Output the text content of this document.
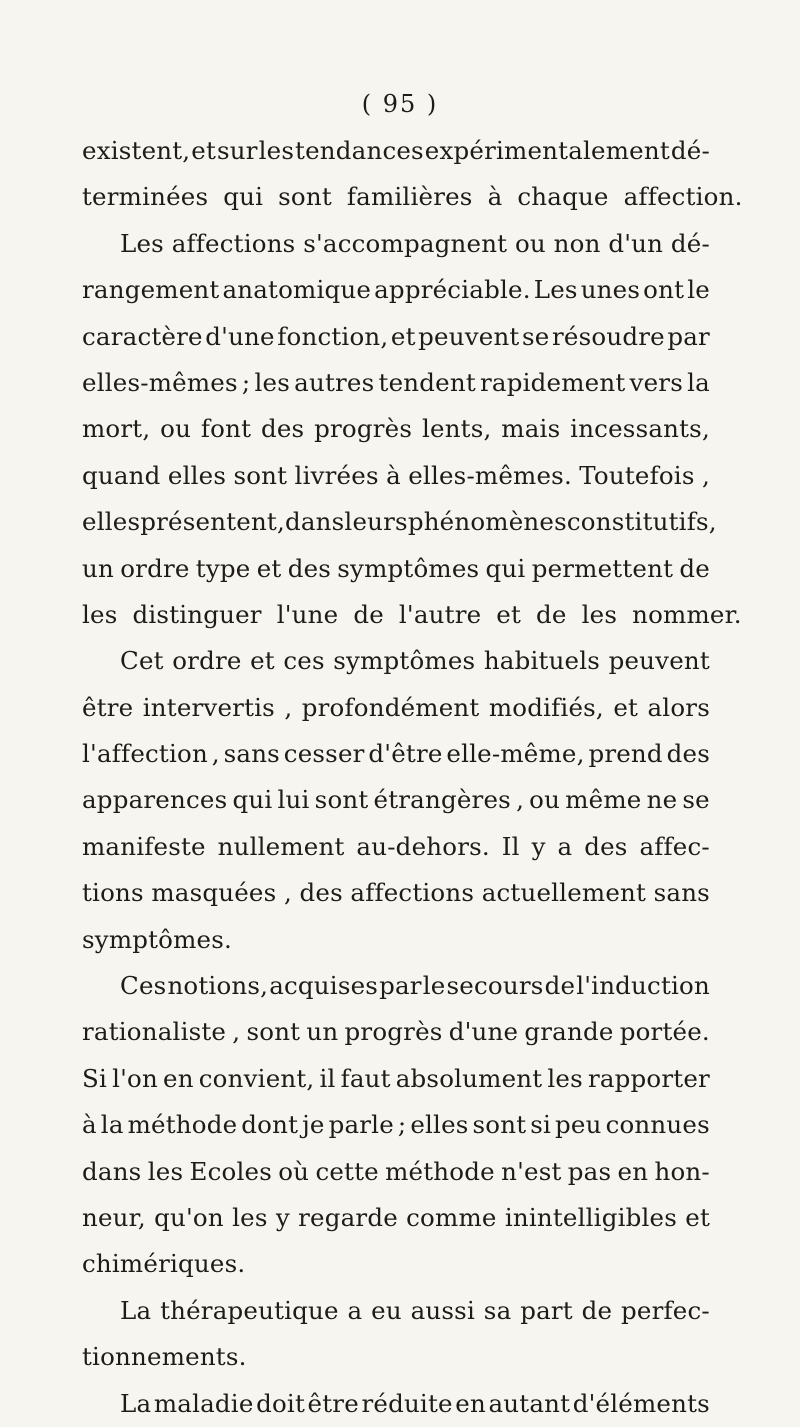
( 95 )
existent, et sur les tendances expérimentalement dé-
terminées qui sont familières à chaque affection.
Les affections s'accompagnent ou non d'un dé-
rangement anatomique appréciable. Les unes ont le
caractère d'une fonction, et peuvent se résoudre par
elles-mêmes ; les autres tendent rapidement vers la
mort, ou font des progrès lents, mais incessants,
quand elles sont livrées à elles-mêmes. Toutefois ,
elles présentent, dans leurs phénomènes constitutifs,
un ordre type et des symptômes qui permettent de
les distinguer l'une de l'autre et de les nommer.
Cet ordre et ces symptômes habituels peuvent
être intervertis , profondément modifiés, et alors
l'affection , sans cesser d'être elle-même, prend des
apparences qui lui sont étrangères , ou même ne se
manifeste nullement au-dehors. Il y a des affec-
tions masquées , des affections actuellement sans
symptômes.
Ces notions, acquises par le secours de l'induction
rationaliste , sont un progrès d'une grande portée.
Si l'on en convient, il faut absolument les rapporter
à la méthode dont je parle ; elles sont si peu connues
dans les Ecoles où cette méthode n'est pas en hon-
neur, qu'on les y regarde comme inintelligibles et
chimériques.
La thérapeutique a eu aussi sa part de perfec-
tionnements.
La maladie doit être réduite en autant d'éléments
